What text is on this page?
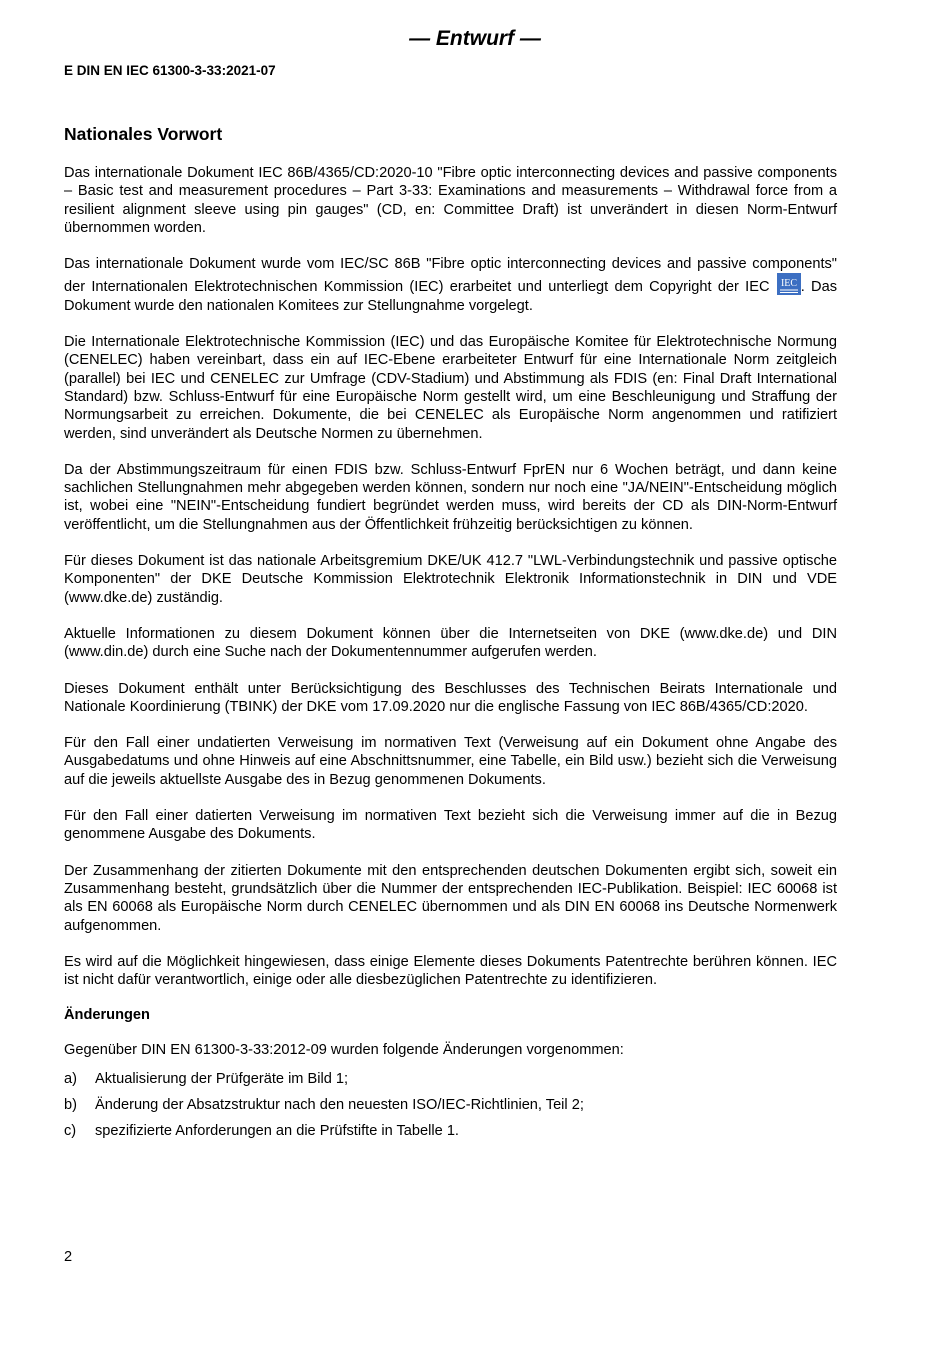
— Entwurf —
E DIN EN IEC 61300-3-33:2021-07
Nationales Vorwort

Das internationale Dokument IEC 86B/4365/CD:2020-10 "Fibre optic interconnecting devices and passive components – Basic test and measurement procedures – Part 3-33: Examinations and measurements – Withdrawal force from a resilient alignment sleeve using pin gauges" (CD, en: Committee Draft) ist unverändert in diesen Norm-Entwurf übernommen worden.

Das internationale Dokument wurde vom IEC/SC 86B "Fibre optic interconnecting devices and passive components" der Internationalen Elektrotechnischen Kommission (IEC) erarbeitet und unterliegt dem Copyright der IEC IEC . Das Dokument wurde den nationalen Komitees zur Stellungnahme vorgelegt.

Die Internationale Elektrotechnische Kommission (IEC) und das Europäische Komitee für Elektrotechnische Normung (CENELEC) haben vereinbart, dass ein auf IEC-Ebene erarbeiteter Entwurf für eine Internationale Norm zeitgleich (parallel) bei IEC und CENELEC zur Umfrage (CDV-Stadium) und Abstimmung als FDIS (en: Final Draft International Standard) bzw. Schluss-Entwurf für eine Europäische Norm gestellt wird, um eine Beschleunigung und Straffung der Normungsarbeit zu erreichen. Dokumente, die bei CENELEC als Europäische Norm angenommen und ratifiziert werden, sind unverändert als Deutsche Normen zu übernehmen.

Da der Abstimmungszeitraum für einen FDIS bzw. Schluss-Entwurf FprEN nur 6 Wochen beträgt, und dann keine sachlichen Stellungnahmen mehr abgegeben werden können, sondern nur noch eine "JA/NEIN"-Entscheidung möglich ist, wobei eine "NEIN"-Entscheidung fundiert begründet werden muss, wird bereits der CD als DIN-Norm-Entwurf veröffentlicht, um die Stellungnahmen aus der Öffentlichkeit frühzeitig berücksichtigen zu können.

Für dieses Dokument ist das nationale Arbeitsgremium DKE/UK 412.7 "LWL-Verbindungstechnik und passive optische Komponenten" der DKE Deutsche Kommission Elektrotechnik Elektronik Informationstechnik in DIN und VDE (www.dke.de) zuständig.

Aktuelle Informationen zu diesem Dokument können über die Internetseiten von DKE (www.dke.de) und DIN (www.din.de) durch eine Suche nach der Dokumentennummer aufgerufen werden.

Dieses Dokument enthält unter Berücksichtigung des Beschlusses des Technischen Beirats Internationale und Nationale Koordinierung (TBINK) der DKE vom 17.09.2020 nur die englische Fassung von IEC 86B/4365/CD:2020.

Für den Fall einer undatierten Verweisung im normativen Text (Verweisung auf ein Dokument ohne Angabe des Ausgabedatums und ohne Hinweis auf eine Abschnittsnummer, eine Tabelle, ein Bild usw.) bezieht sich die Verweisung auf die jeweils aktuellste Ausgabe des in Bezug genommenen Dokuments.

Für den Fall einer datierten Verweisung im normativen Text bezieht sich die Verweisung immer auf die in Bezug genommene Ausgabe des Dokuments.

Der Zusammenhang der zitierten Dokumente mit den entsprechenden deutschen Dokumenten ergibt sich, soweit ein Zusammenhang besteht, grundsätzlich über die Nummer der entsprechenden IEC-Publikation. Beispiel: IEC 60068 ist als EN 60068 als Europäische Norm durch CENELEC übernommen und als DIN EN 60068 ins Deutsche Normenwerk aufgenommen.

Es wird auf die Möglichkeit hingewiesen, dass einige Elemente dieses Dokuments Patentrechte berühren können. IEC ist nicht dafür verantwortlich, einige oder alle diesbezüglichen Patentrechte zu identifizieren.

Änderungen

Gegenüber DIN EN 61300-3-33:2012-09 wurden folgende Änderungen vorgenommen:

a)	Aktualisierung der Prüfgeräte im Bild 1;
b)	Änderung der Absatzstruktur nach den neuesten ISO/IEC-Richtlinien, Teil 2;
c)	spezifizierte Anforderungen an die Prüfstifte in Tabelle 1.
2
